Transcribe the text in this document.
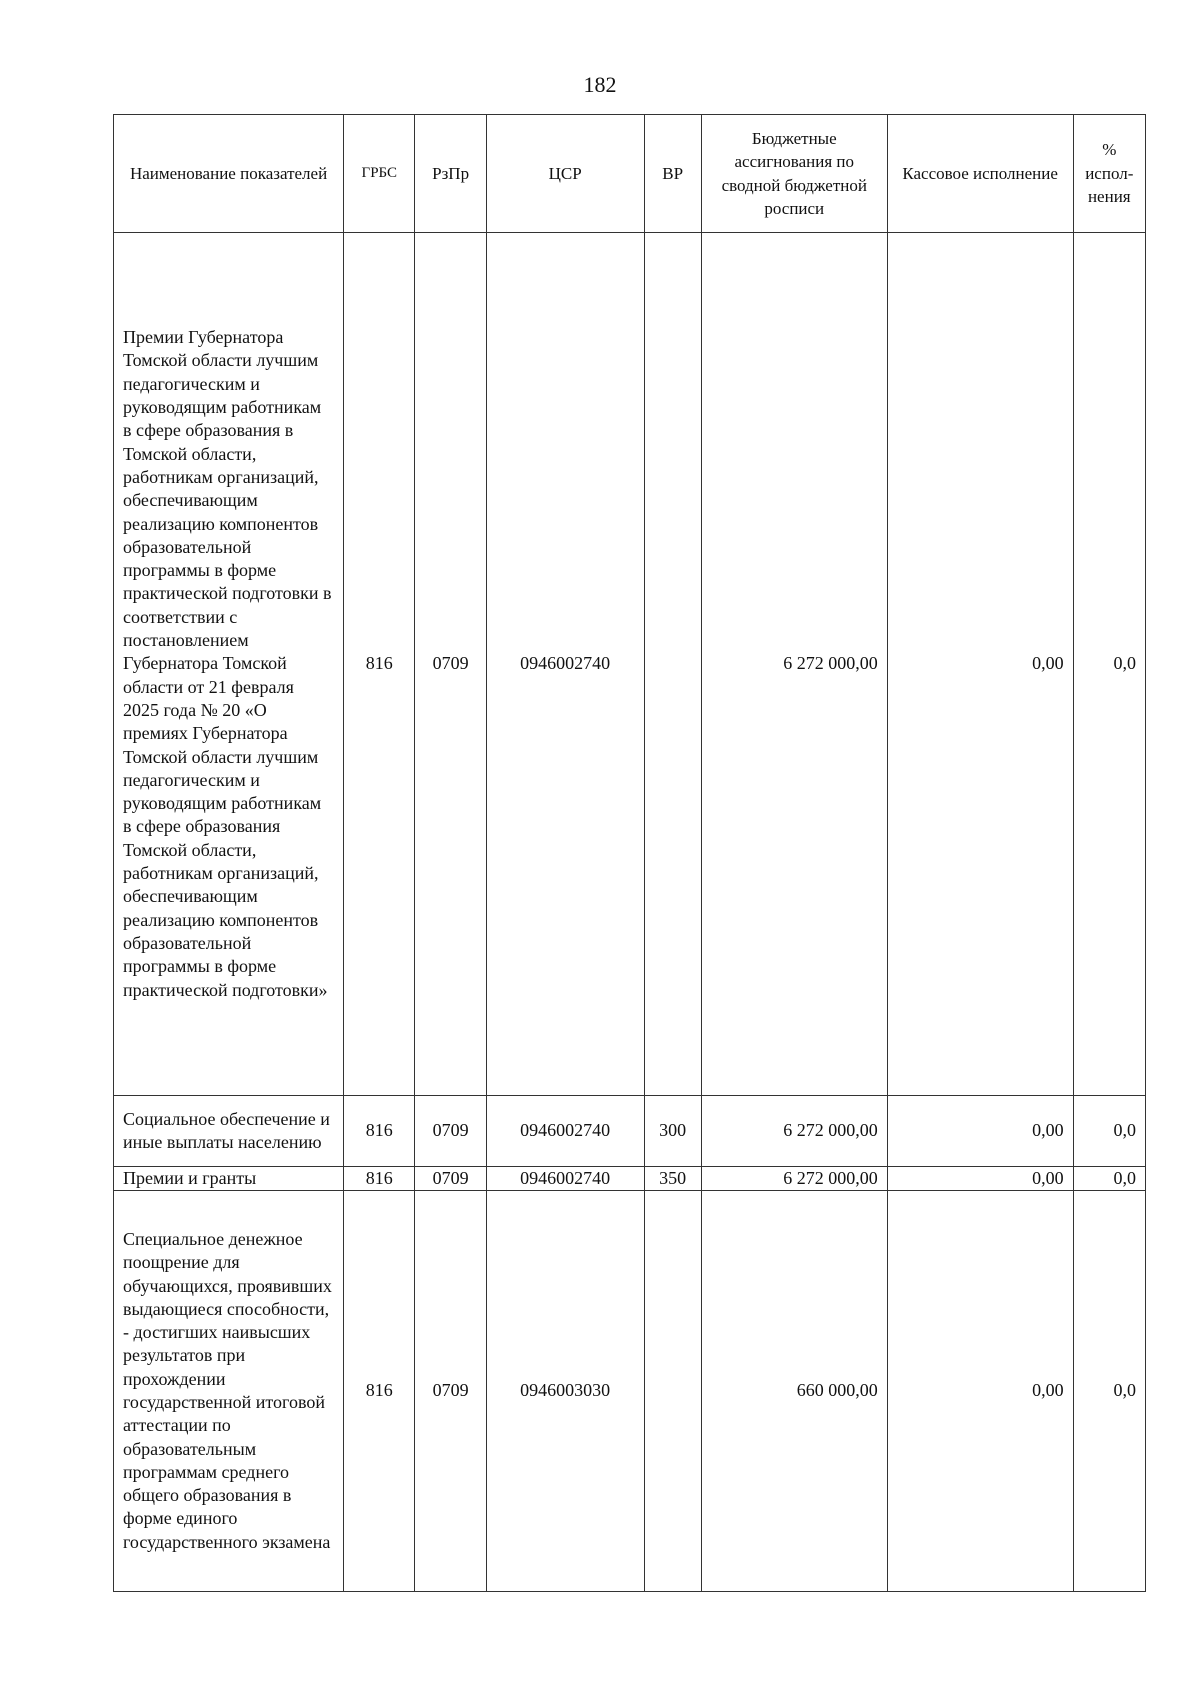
182
Наименование показателей	ГРБС	РзПр	ЦСР	ВР	Бюджетные ассигнования по сводной бюджетной росписи	Кассовое исполнение	% испол-нения
Премии Губернатора Томской области лучшим педагогическим и руководящим работникам в сфере образования в Томской области, работникам организаций, обеспечивающим реализацию компонентов образовательной программы в форме практической подготовки в соответствии с постановлением Губернатора Томской области от 21 февраля 2025 года № 20 «О премиях Губернатора Томской области лучшим педагогическим и руководящим работникам в сфере образования Томской области, работникам организаций, обеспечивающим реализацию компонентов образовательной программы в форме практической подготовки»	816	0709	0946002740		6 272 000,00	0,00	0,0
Социальное обеспечение и иные выплаты населению	816	0709	0946002740	300	6 272 000,00	0,00	0,0
Премии и гранты	816	0709	0946002740	350	6 272 000,00	0,00	0,0
Специальное денежное поощрение для обучающихся, проявивших выдающиеся способности, - достигших наивысших результатов при прохождении государственной итоговой аттестации по образовательным программам среднего общего образования в форме единого государственного экзамена	816	0709	0946003030		660 000,00	0,00	0,0
